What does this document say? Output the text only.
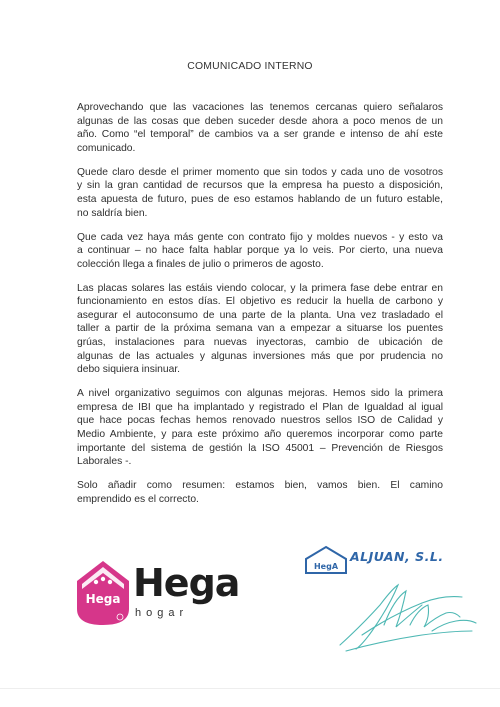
COMUNICADO INTERNO
Aprovechando que las vacaciones las tenemos cercanas quiero señalaros
algunas de las cosas que deben suceder desde ahora a poco menos de un
año. Como “el temporal” de cambios va a ser grande e intenso de ahí este
comunicado.
Quede claro desde el primer momento que sin todos y cada uno de vosotros
y sin la gran cantidad de recursos que la empresa ha puesto a disposición,
esta apuesta de futuro, pues de eso estamos hablando de un futuro estable,
no saldría bien.
Que cada vez haya más gente con contrato fijo y moldes nuevos - y esto va
a continuar – no hace falta hablar porque ya lo veis. Por cierto, una nueva
colección llega a finales de julio o primeros de agosto.
Las placas solares las estáis viendo colocar, y la primera fase debe entrar en
funcionamiento en estos días. El objetivo es reducir la huella de carbono y
asegurar el autoconsumo de una parte de la planta. Una vez trasladado el
taller a partir de la próxima semana van a empezar a situarse los puentes
grúas, instalaciones para nuevas inyectoras, cambio de ubicación de
algunas de las actuales y algunas inversiones más que por prudencia no
debo siquiera insinuar.
A nivel organizativo seguimos con algunas mejoras. Hemos sido la primera
empresa de IBI que ha implantado y registrado el Plan de Igualdad al igual
que hace pocas fechas hemos renovado nuestros sellos ISO de Calidad y
Medio Ambiente, y para este próximo año queremos incorporar como parte
importante del sistema de gestión la ISO 45001 – Prevención de Riesgos
Laborales -.
Solo añadir como resumen: estamos bien, vamos bien. El camino
emprendido es el correcto.
Hega Hega
hogar
HegA
ALJUAN, S.L.
